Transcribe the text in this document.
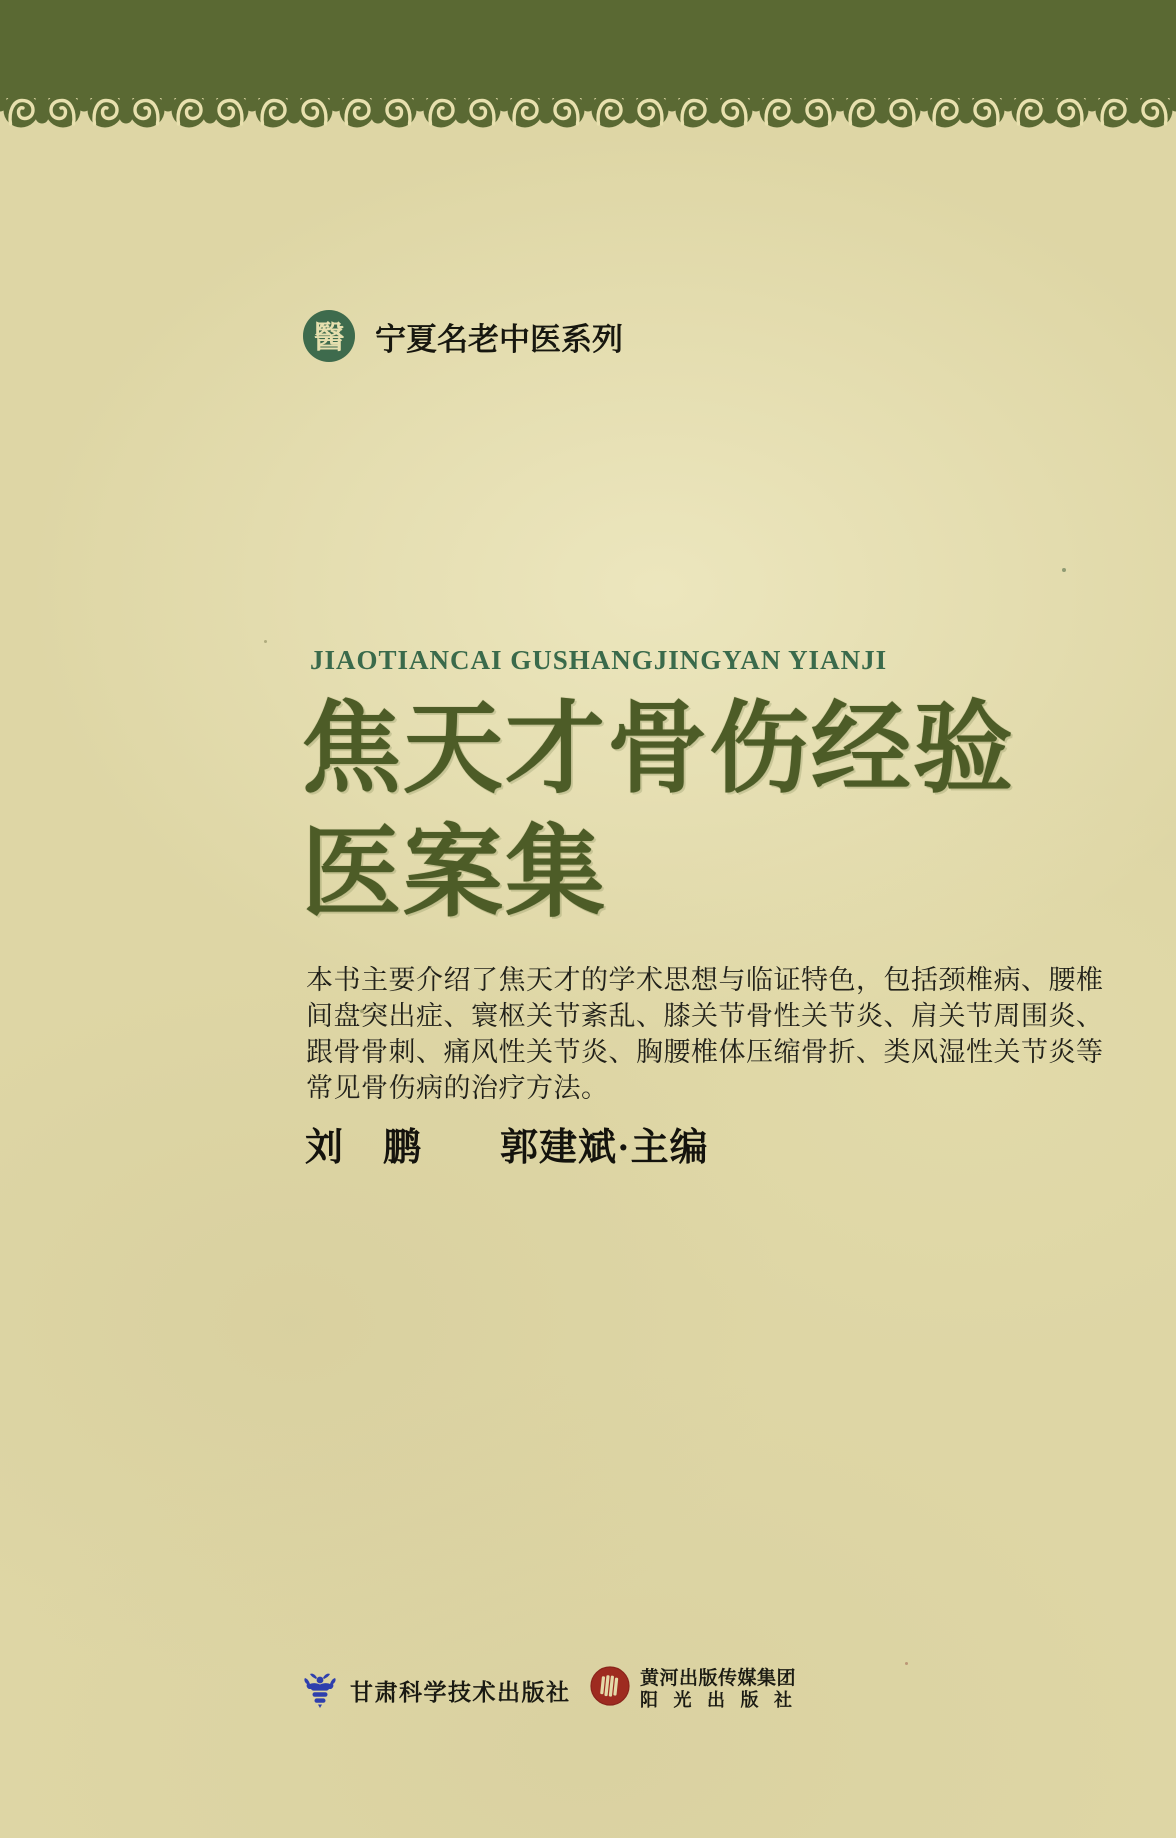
醫 宁夏名老中医系列
JIAOTIANCAI GUSHANGJINGYAN YIANJI
焦天才骨伤经验
医案集
本书主要介绍了焦天才的学术思想与临证特色，包括颈椎病、腰椎
间盘突出症、寰枢关节紊乱、膝关节骨性关节炎、肩关节周围炎、
跟骨骨刺、痛风性关节炎、胸腰椎体压缩骨折、类风湿性关节炎等
常见骨伤病的治疗方法。
刘　鹏　　郭建斌·主编
甘肃科学技术出版社
黄河出版传媒集团
阳 光 出 版 社
